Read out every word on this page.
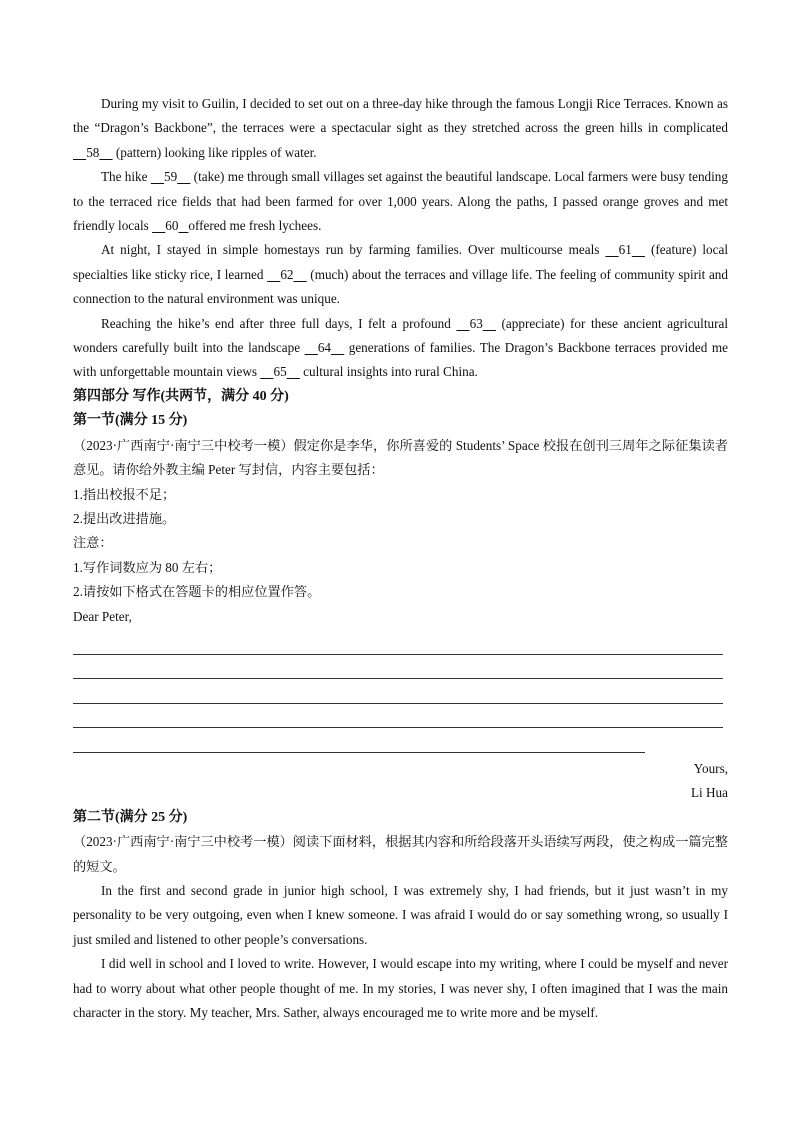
During my visit to Guilin, I decided to set out on a three-day hike through the famous Longji Rice Terraces. Known as the “Dragon’s Backbone”, the terraces were a spectacular sight as they stretched across the green hills in complicated     58     (pattern) looking like ripples of water.

The hike     59     (take) me through small villages set against the beautiful landscape. Local farmers were busy tending to the terraced rice fields that had been farmed for over 1,000 years. Along the paths, I passed orange groves and met friendly locals     60 offered me fresh lychees.

At night, I stayed in simple homestays run by farming families. Over multicourse meals     61     (feature) local specialties like sticky rice, I learned     62     (much) about the terraces and village life. The feeling of community spirit and connection to the natural environment was unique.

Reaching the hike’s end after three full days, I felt a profound     63     (appreciate) for these ancient agricultural wonders carefully built into the landscape     64     generations of families. The Dragon’s Backbone terraces provided me with unforgettable mountain views     65     cultural insights into rural China.

第四部分 写作(共两节，满分 40 分)

第一节(满分 15 分)

（2023·广西南宁·南宁三中校考一模）假定你是李华，你所喜爱的 Students’ Space 校报在创刊三周年之际征集读者意见。请你给外教主编 Peter 写封信，内容主要包括：

1.指出校报不足；

2.提出改进措施。

注意：

1.写作词数应为 80 左右；

2.请按如下格式在答题卡的相应位置作答。

Dear Peter,

Yours,

Li Hua

第二节(满分 25 分)

（2023·广西南宁·南宁三中校考一模）阅读下面材料，根据其内容和所给段落开头语续写两段，使之构成一篇完整的短文。

In the first and second grade in junior high school, I was extremely shy, I had friends, but it just wasn’t in my personality to be very outgoing, even when I knew someone. I was afraid I would do or say something wrong, so usually I just smiled and listened to other people’s conversations.

I did well in school and I loved to write. However, I would escape into my writing, where I could be myself and never had to worry about what other people thought of me. In my stories, I was never shy, I often imagined that I was the main character in the story. My teacher, Mrs. Sather, always encouraged me to write more and be myself.
